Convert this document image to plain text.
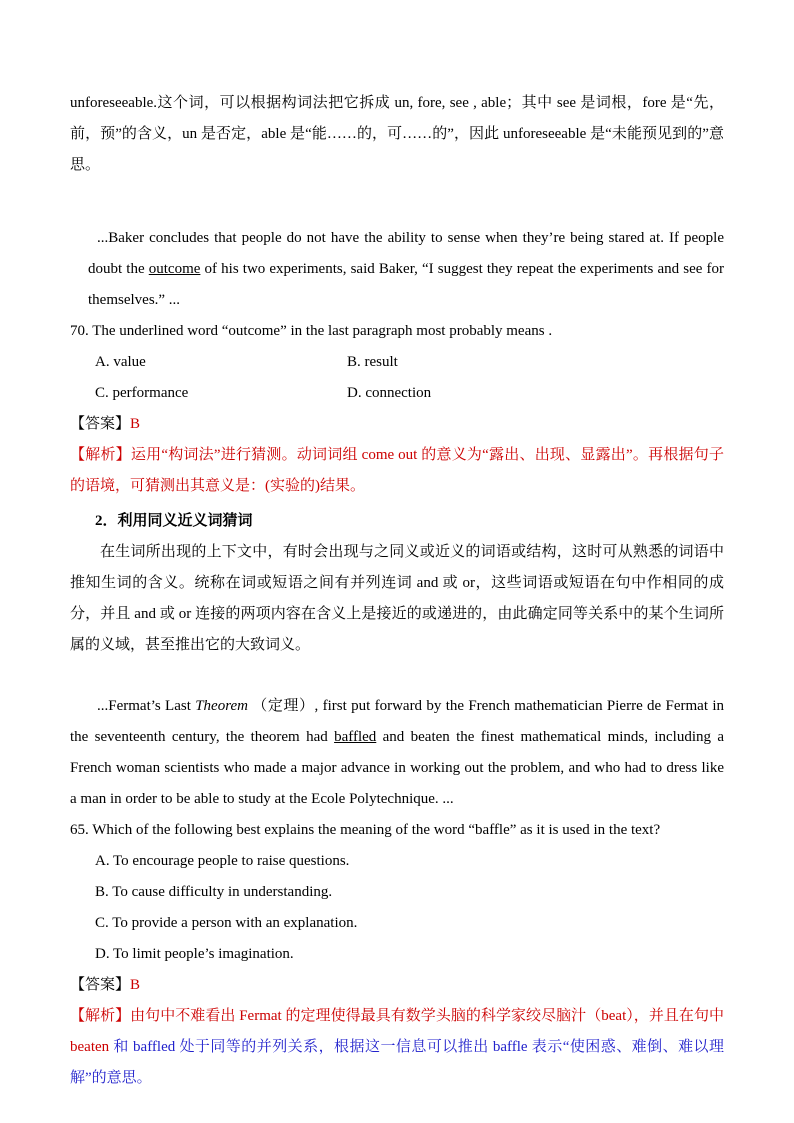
unforeseeable.这个词，可以根据构词法把它拆成 un, fore, see , able；其中 see 是词根，fore 是“先，前，预”的含义，un 是否定，able 是“能……的，可……的”，因此 unforeseeable 是“未能预见到的”意思。

...Baker concludes that people do not have the ability to sense when they’re being stared at. If people doubt the outcome of his two experiments, said Baker, “I suggest they repeat the experiments and see for themselves.” ...

70. The underlined word “outcome” in the last paragraph most probably means .

A. value	B. result
C. performance	D. connection

【答案】B

【解析】运用“构词法”进行猜测。动词词组 come out 的意义为“露出、出现、显露出”。再根据句子的语境，可猜测出其意义是：(实验的)结果。

2．利用同义近义词猜词

在生词所出现的上下文中，有时会出现与之同义或近义的词语或结构，这时可从熟悉的词语中推知生词的含义。统称在词或短语之间有并列连词 and 或 or，这些词语或短语在句中作相同的成分，并且 and 或 or 连接的两项内容在含义上是接近的或递进的，由此确定同等关系中的某个生词所属的义域，甚至推出它的大致词义。

...Fermat’s Last Theorem （定理）, first put forward by the French mathematician Pierre de Fermat in the seventeenth century, the theorem had baffled and beaten the finest mathematical minds, including a French woman scientists who made a major advance in working out the problem, and who had to dress like a man in order to be able to study at the Ecole Polytechnique. ...

65. Which of the following best explains the meaning of the word “baffle” as it is used in the text?

A. To encourage people to raise questions.

B. To cause difficulty in understanding.

C. To provide a person with an explanation.

D. To limit people’s imagination.

【答案】B

【解析】由句中不难看出 Fermat 的定理使得最具有数学头脑的科学家绞尽脑汁（beat），并且在句中 beaten 和 baffled 处于同等的并列关系，根据这一信息可以推出 baffle 表示“使困惑、难倒、难以理解”的意思。
